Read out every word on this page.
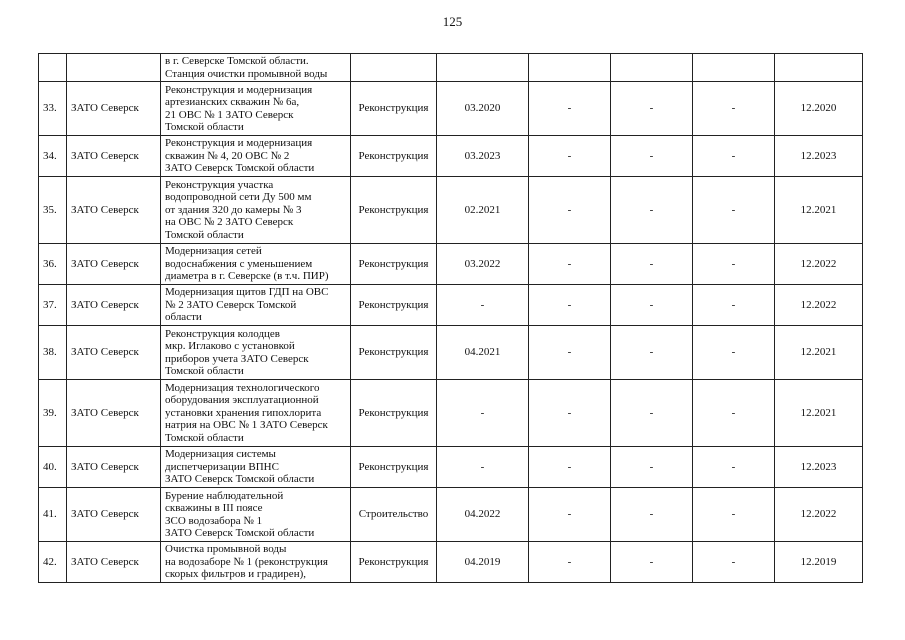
125

		в г. Северске Томской области.
Станция очистки промывной воды						

33.	ЗАТО Северск	Реконструкция и модернизация
артезианских скважин № 6а,
21 ОВС № 1 ЗАТО Северск
Томской области	Реконструкция	03.2020	-	-	-	12.2020
34.	ЗАТО Северск	Реконструкция и модернизация
скважин № 4, 20 ОВС № 2
ЗАТО Северск Томской области	Реконструкция	03.2023	-	-	-	12.2023
35.	ЗАТО Северск	Реконструкция участка
водопроводной сети Ду 500 мм
от здания 320 до камеры № 3
на ОВС № 2 ЗАТО Северск
Томской области	Реконструкция	02.2021	-	-	-	12.2021
36.	ЗАТО Северск	Модернизация сетей
водоснабжения с уменьшением
диаметра в г. Северске (в т.ч. ПИР)	Реконструкция	03.2022	-	-	-	12.2022
37.	ЗАТО Северск	Модернизация щитов ГДП на ОВС
№ 2 ЗАТО Северск Томской
области	Реконструкция	-	-	-	-	12.2022
38.	ЗАТО Северск	Реконструкция колодцев
мкр. Иглаково с установкой
приборов учета ЗАТО Северск
Томской области	Реконструкция	04.2021	-	-	-	12.2021
39.	ЗАТО Северск	Модернизация технологического
оборудования эксплуатационной
установки хранения гипохлорита
натрия на ОВС № 1 ЗАТО Северск
Томской области	Реконструкция	-	-	-	-	12.2021
40.	ЗАТО Северск	Модернизация системы
диспетчеризации ВПНС
ЗАТО Северск Томской области	Реконструкция	-	-	-	-	12.2023
41.	ЗАТО Северск	Бурение наблюдательной
скважины в III поясе
ЗСО водозабора № 1
ЗАТО Северск Томской области	Строительство	04.2022	-	-	-	12.2022
42.	ЗАТО Северск	Очистка промывной воды
на водозаборе № 1 (реконструкция
скорых фильтров и градирен),	Реконструкция	04.2019	-	-	-	12.2019
